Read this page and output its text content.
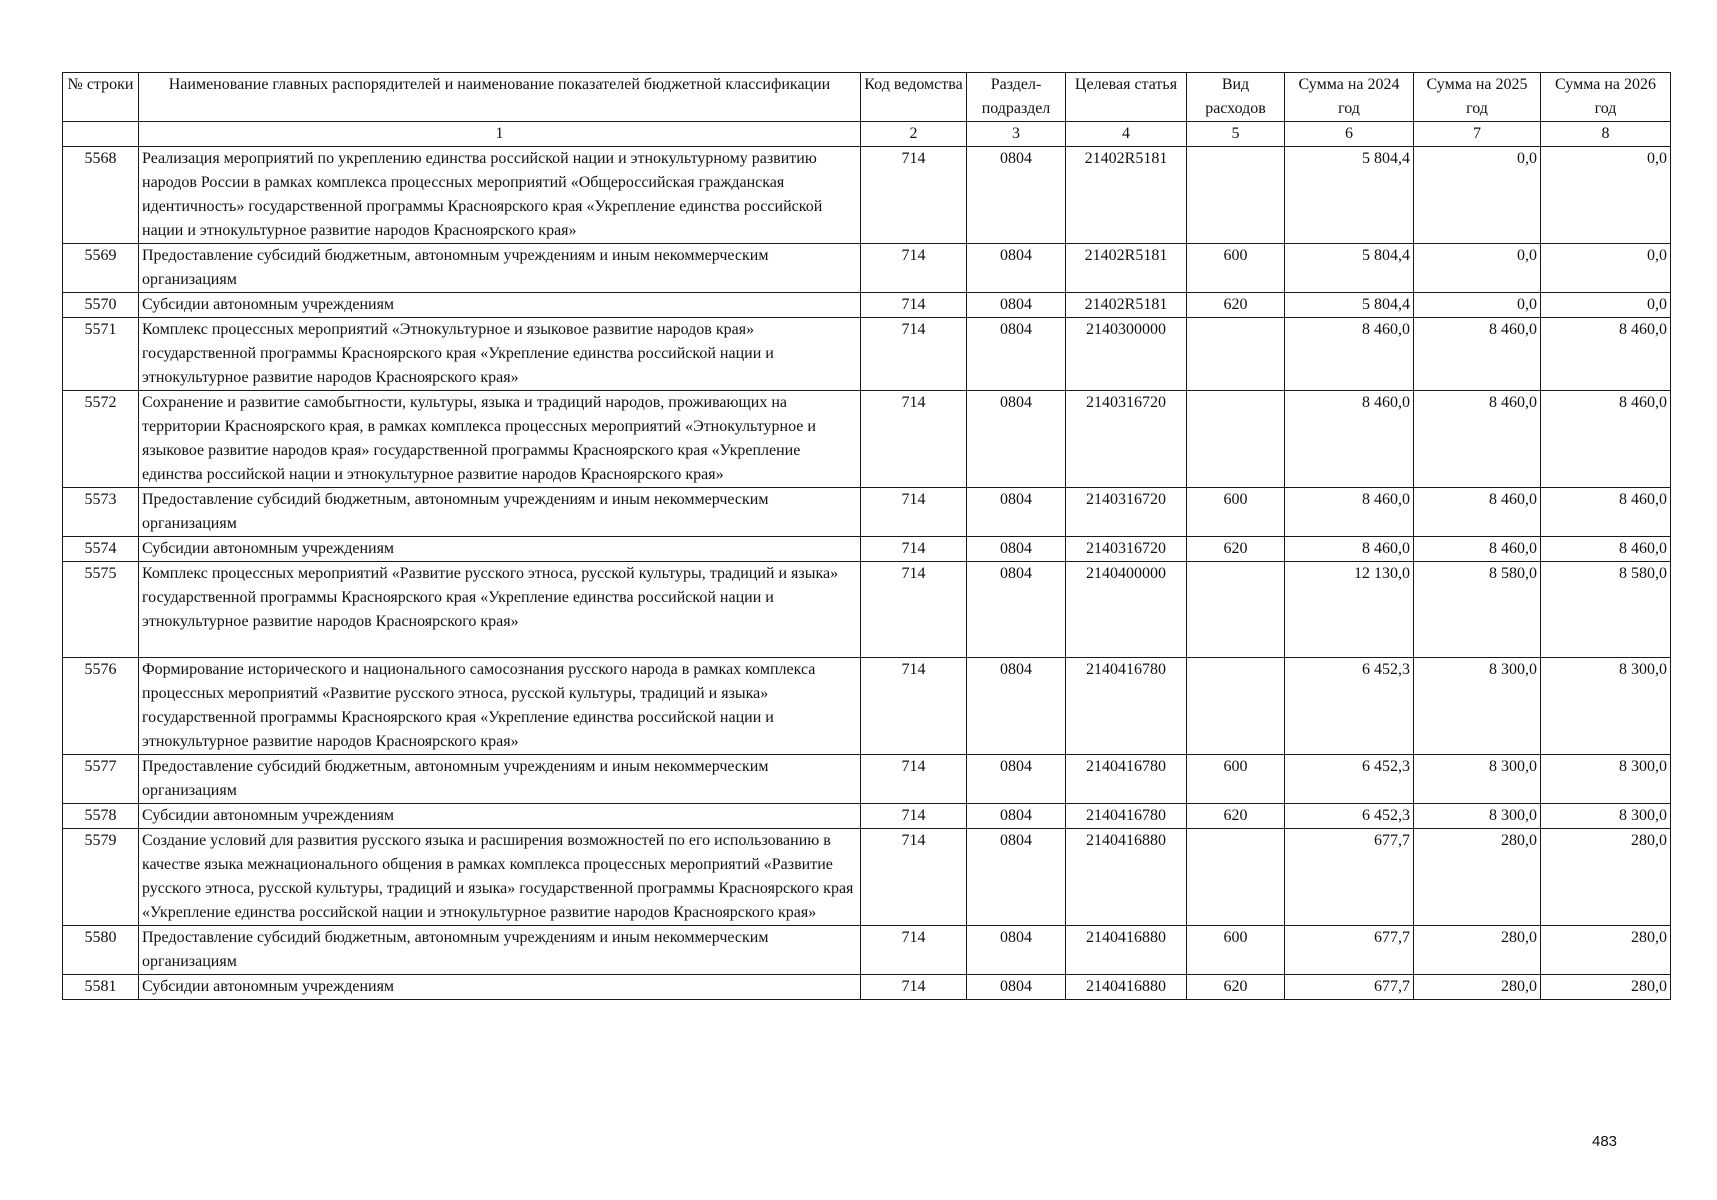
№ строки	Наименование главных распорядителей и наименование показателей бюджетной классификации	Код ведомства	Раздел-подраздел	Целевая статья	Вид расходов	Сумма на 2024 год	Сумма на 2025 год	Сумма на 2026 год
	1	2	3	4	5	6	7	8
5568	Реализация мероприятий по укреплению единства российской нации и этнокультурному развитию народов России в рамках комплекса процессных мероприятий «Общероссийская гражданская идентичность» государственной программы Красноярского края «Укрепление единства российской нации и этнокультурное развитие народов Красноярского края»	714	0804	21402R5181		5 804,4	0,0	0,0
5569	Предоставление субсидий бюджетным, автономным учреждениям и иным некоммерческим организациям	714	0804	21402R5181	600	5 804,4	0,0	0,0
5570	Субсидии автономным учреждениям	714	0804	21402R5181	620	5 804,4	0,0	0,0
5571	Комплекс процессных мероприятий «Этнокультурное и языковое развитие народов края» государственной программы Красноярского края «Укрепление единства российской нации и этнокультурное развитие народов Красноярского края»	714	0804	2140300000		8 460,0	8 460,0	8 460,0
5572	Сохранение и развитие самобытности, культуры, языка и традиций народов, проживающих на территории Красноярского края, в рамках комплекса процессных мероприятий «Этнокультурное и языковое развитие народов края» государственной программы Красноярского края «Укрепление единства российской нации и этнокультурное развитие народов Красноярского края»	714	0804	2140316720		8 460,0	8 460,0	8 460,0
5573	Предоставление субсидий бюджетным, автономным учреждениям и иным некоммерческим организациям	714	0804	2140316720	600	8 460,0	8 460,0	8 460,0
5574	Субсидии автономным учреждениям	714	0804	2140316720	620	8 460,0	8 460,0	8 460,0
5575	Комплекс процессных мероприятий «Развитие русского этноса, русской культуры, традиций и языка» государственной программы Красноярского края «Укрепление единства российской нации и этнокультурное развитие народов Красноярского края»	714	0804	2140400000		12 130,0	8 580,0	8 580,0
5576	Формирование исторического и национального самосознания русского народа в рамках комплекса процессных мероприятий «Развитие русского этноса, русской культуры, традиций и языка» государственной программы Красноярского края «Укрепление единства российской нации и этнокультурное развитие народов Красноярского края»	714	0804	2140416780		6 452,3	8 300,0	8 300,0
5577	Предоставление субсидий бюджетным, автономным учреждениям и иным некоммерческим организациям	714	0804	2140416780	600	6 452,3	8 300,0	8 300,0
5578	Субсидии автономным учреждениям	714	0804	2140416780	620	6 452,3	8 300,0	8 300,0
5579	Создание условий для развития русского языка и расширения возможностей по его использованию в качестве языка межнационального общения в рамках комплекса процессных мероприятий «Развитие русского этноса, русской культуры, традиций и языка» государственной программы Красноярского края «Укрепление единства российской нации и этнокультурное развитие народов Красноярского края»	714	0804	2140416880		677,7	280,0	280,0
5580	Предоставление субсидий бюджетным, автономным учреждениям и иным некоммерческим организациям	714	0804	2140416880	600	677,7	280,0	280,0
5581	Субсидии автономным учреждениям	714	0804	2140416880	620	677,7	280,0	280,0
483
